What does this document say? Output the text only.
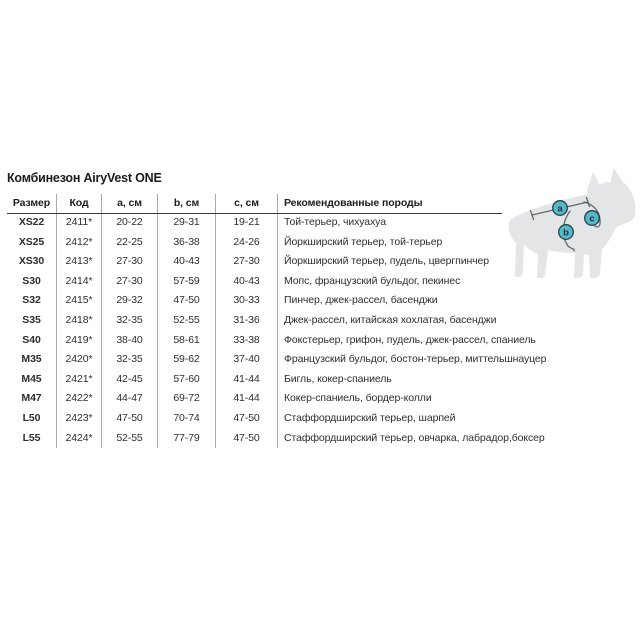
Комбинезон AiryVest ONE
Размер	Код	a, см	b, см	c, см	Рекомендованные породы
XS22	2411*	20-22	29-31	19-21	Той-терьер, чихуахуа
XS25	2412*	22-25	36-38	24-26	Йоркширский терьер, той-терьер
XS30	2413*	27-30	40-43	27-30	Йоркширский терьер, пудель, цвергпинчер
S30	2414*	27-30	57-59	40-43	Мопс, французский бульдог, пекинес
S32	2415*	29-32	47-50	30-33	Пинчер, джек-рассел, басенджи
S35	2418*	32-35	52-55	31-36	Джек-рассел, китайская хохлатая, басенджи
S40	2419*	38-40	58-61	33-38	Фокстерьер, грифон, пудель, джек-рассел, спаниель
M35	2420*	32-35	59-62	37-40	Французский бульдог, бостон-терьер, миттельшнауцер
M45	2421*	42-45	57-60	41-44	Бигль, кокер-спаниель
M47	2422*	44-47	69-72	41-44	Кокер-спаниель, бордер-колли
L50	2423*	47-50	70-74	47-50	Стаффордширский терьер, шарпей
L55	2424*	52-55	77-79	47-50	Стаффордширский терьер, овчарка, лабрадор,боксер
a
b
c
